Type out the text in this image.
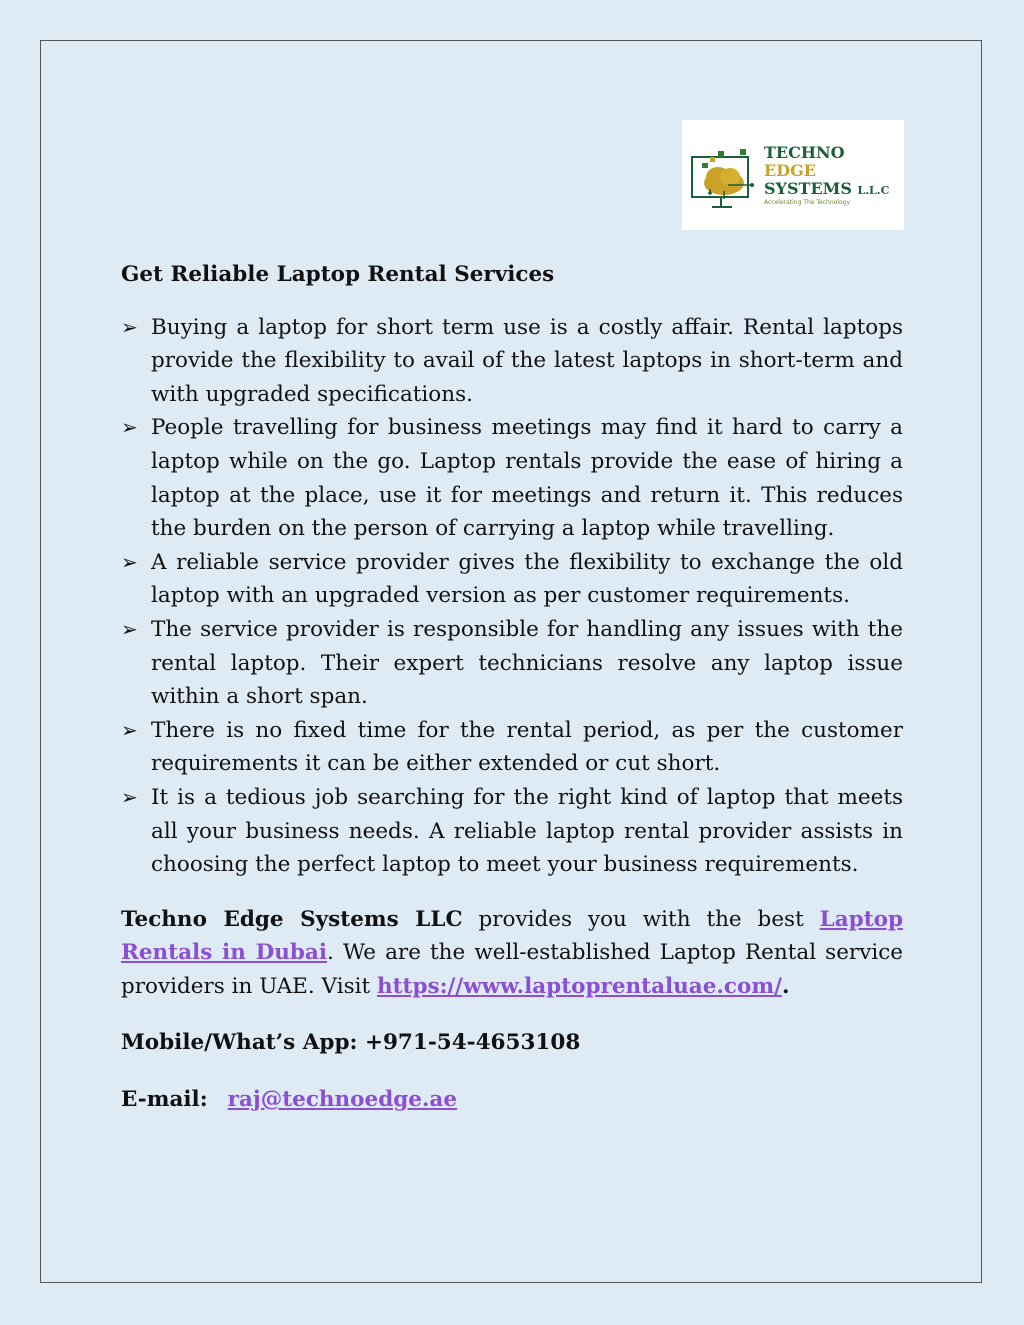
TECHNO
EDGE
SYSTEMS L.L.C
Accelerating The Technology
Get Reliable Laptop Rental Services
➢ Buying a laptop for short term use is a costly affair. Rental laptops provide the flexibility to avail of the latest laptops in short-term and with upgraded specifications.
➢ People travelling for business meetings may find it hard to carry a laptop while on the go. Laptop rentals provide the ease of hiring a laptop at the place, use it for meetings and return it. This reduces the burden on the person of carrying a laptop while travelling.
➢ A reliable service provider gives the flexibility to exchange the old laptop with an upgraded version as per customer requirements.
➢ The service provider is responsible for handling any issues with the rental laptop. Their expert technicians resolve any laptop issue within a short span.
➢ There is no fixed time for the rental period, as per the customer requirements it can be either extended or cut short.
➢ It is a tedious job searching for the right kind of laptop that meets all your business needs. A reliable laptop rental provider assists in choosing the perfect laptop to meet your business requirements.

Techno Edge Systems LLC provides you with the best Laptop Rentals in Dubai. We are the well-established Laptop Rental service providers in UAE. Visit https://www.laptoprentaluae.com/.

Mobile/What’s App: +971-54-4653108

E-mail: raj@technoedge.ae
